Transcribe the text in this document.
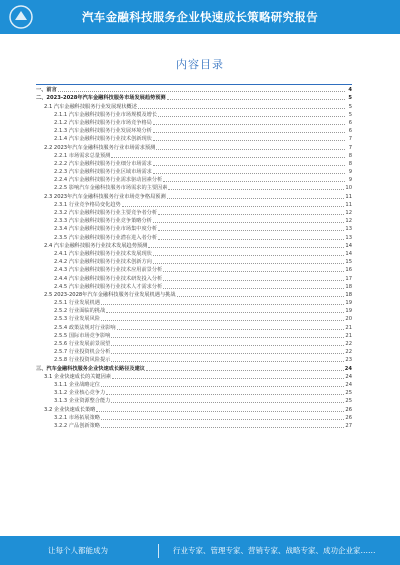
汽车金融科技服务企业快速成长策略研究报告
内容目录
一、前言	4
二、2023-2028年汽车金融科技服务市场发展趋势预测	5
2.1 汽车金融科技服务行业发展现状概述	5
2.1.1 汽车金融科技服务行业市场规模及增长	5
2.1.2 汽车金融科技服务行业市场竞争格局	6
2.1.3 汽车金融科技服务行业发展环境分析	6
2.1.4 汽车金融科技服务行业技术创新现状	7
2.2 2023年汽车金融科技服务行业市场需求预测	7
2.2.1 市场需求总量预测	8
2.2.2 汽车金融科技服务行业细分市场需求	8
2.2.3 汽车金融科技服务行业区域市场需求	9
2.2.4 汽车金融科技服务行业需求驱动因素分析	9
2.2.5 影响汽车金融科技服务市场需求的主要因素	10
2.3 2023年汽车金融科技服务行业市场竞争格局预测	11
2.3.1 行业竞争格局变化趋势	11
2.3.2 汽车金融科技服务行业主要竞争者分析	12
2.3.3 汽车金融科技服务行业竞争策略分析	12
2.3.4 汽车金融科技服务行业市场集中度分析	13
2.3.5 汽车金融科技服务行业潜在进入者分析	13
2.4 汽车金融科技服务行业技术发展趋势预测	14
2.4.1 汽车金融科技服务行业技术发展现状	14
2.4.2 汽车金融科技服务行业技术创新方向	15
2.4.3 汽车金融科技服务行业技术应用前景分析	16
2.4.4 汽车金融科技服务行业技术研发投入分析	17
2.4.5 汽车金融科技服务行业技术人才需求分析	18
2.5 2023-2028年汽车金融科技服务行业发展机遇与挑战	18
2.5.1 行业发展机遇	19
2.5.2 行业面临的挑战	19
2.5.3 行业发展风险	20
2.5.4 政策法规对行业影响	21
2.5.5 国际市场竞争影响	21
2.5.6 行业发展前景展望	22
2.5.7 行业投资机会分析	22
2.5.8 行业投资风险提示	23
三、汽车金融科技服务企业快速成长路径及建议	24
3.1 企业快速成长的关键因素	24
3.1.1 企业战略定位	24
3.1.2 企业核心竞争力	25
3.1.3 企业资源整合能力	25
3.2 企业快速成长策略	26
3.2.1 市场拓展策略	26
3.2.2 产品创新策略	27
让每个人都能成为	行业专家、管理专家、营销专家、战略专家、成功企业家……
